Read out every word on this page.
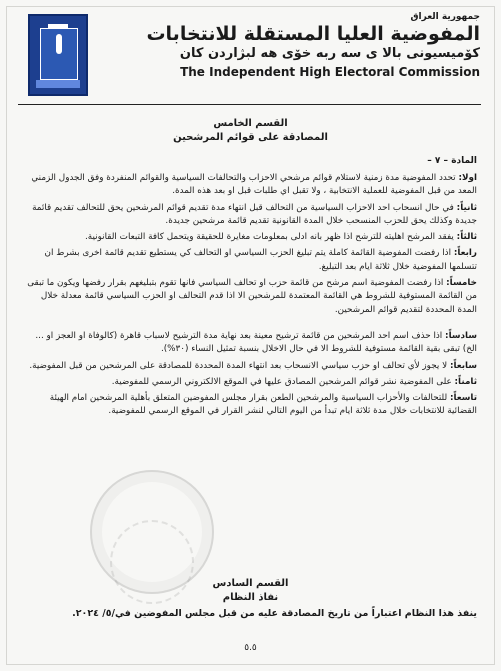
جمهورية العراق
المفوضية العليا المستقلة للانتخابات
كۆميسيونى بالا ى سه ربه خۆى هه لبژاردن كان
The Independent High Electoral Commission
القسم الخامس
المصادقة على قوائم المرشحين
المادة – ٧ –
اولا: تحدد المفوضية مدة زمنية لاستلام قوائم مرشحي الاحزاب والتحالفات السياسية والقوائم المنفردة وفق الجدول الزمني المعد من قبل المفوضية للعملية الانتخابية ، ولا تقبل اي طلبات قبل او بعد هذه المدة.
ثانياً: في حال انسحاب احد الاحزاب السياسية من التحالف قبل انتهاء مدة تقديم قوائم المرشحين يحق للتحالف تقديم قائمة جديدة وكذلك يحق للحزب المنسحب خلال المدة القانونية تقديم قائمة مرشحين جديدة.
ثالثاً: يفقد المرشح اهليته للترشح اذا ظهر بانه ادلى بمعلومات مغايرة للحقيقة ويتحمل كافة التبعات القانونية.
رابعاً: اذا رفضت المفوضية القائمة كاملة يتم تبليغ الحزب السياسي او التحالف كي يستطيع تقديم قائمة اخرى بشرط ان تتسلمها المفوضية خلال ثلاثة ايام بعد التبليغ.
خامساً: اذا رفضت المفوضية اسم مرشح من قائمة حزب او تحالف السياسي فانها تقوم بتبليغهم بقرار رفضها ويكون ما تبقى من القائمة المستوفية للشروط هي القائمة المعتمدة للمرشحين الا اذا قدم التحالف او الحزب السياسي قائمة معدلة خلال المدة المحددة لتقديم قوائم المرشحين.
سادساً: اذا حذف اسم احد المرشحين من قائمة ترشيح معينة بعد نهاية مدة الترشيح لاسباب قاهرة (كالوفاة او العجز او ... الخ) تبقى بقية القائمة مستوفية للشروط الا في حال الاخلال بنسبة تمثيل النساء (٣٠%).
سابعاً: لا يجوز لأي تحالف او حزب سياسي الانسحاب بعد انتهاء المدة المحددة للمصادقة على المرشحين من قبل المفوضية.
ثامناً: على المفوضية نشر قوائم المرشحين المصادق عليها في الموقع الالكتروني الرسمي للمفوضية.
تاسعاً: للتحالفات والأحزاب السياسية والمرشحين الطعن بقرار مجلس المفوضين المتعلق بأهلية المرشحين امام الهيئة القضائية للانتخابات خلال مدة ثلاثة ايام تبدأ من اليوم التالي لنشر القرار في الموقع الرسمي للمفوضية.
القسم السادس
نفاذ النظام
ينفذ هذا النظام اعتباراً من تاريخ المصادقة عليه من قبل مجلس المفوضين في/٥/ ٢٠٢٤.
٥.٥
